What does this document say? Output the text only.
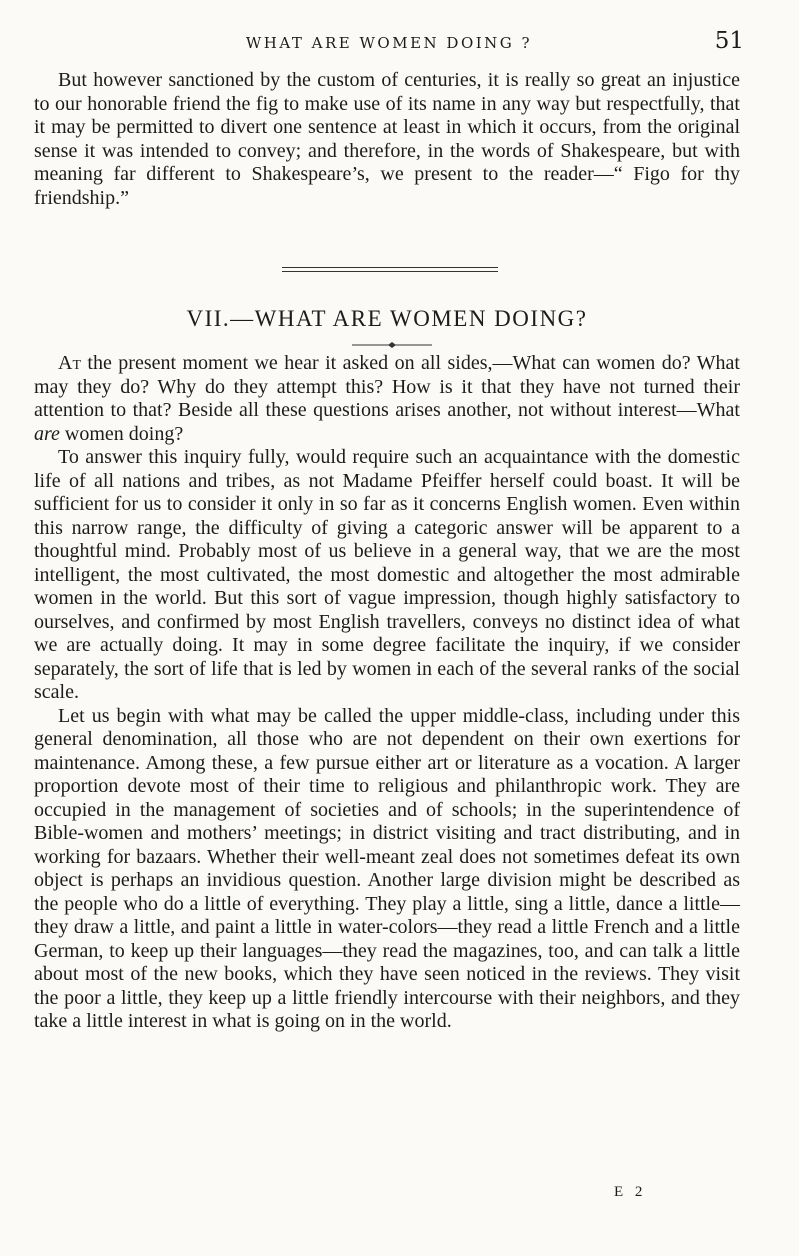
WHAT ARE WOMEN DOING ?	51

But however sanctioned by the custom of centuries, it is really so great an injustice to our honorable friend the fig to make use of its name in any way but respectfully, that it may be permitted to divert one sentence at least in which it occurs, from the original sense it was intended to convey; and therefore, in the words of Shakespeare, but with meaning far different to Shakespeare’s, we present to the reader—“ Figo for thy friendship.”

VII.—WHAT ARE WOMEN DOING?

At the present moment we hear it asked on all sides,—What can women do? What may they do? Why do they attempt this? How is it that they have not turned their attention to that? Beside all these questions arises another, not without interest—What are women doing?

To answer this inquiry fully, would require such an acquaintance with the domestic life of all nations and tribes, as not Madame Pfeiffer herself could boast. It will be sufficient for us to consider it only in so far as it concerns English women. Even within this narrow range, the difficulty of giving a categoric answer will be apparent to a thoughtful mind. Probably most of us believe in a general way, that we are the most intelligent, the most cultivated, the most domestic and altogether the most admirable women in the world. But this sort of vague impression, though highly satisfactory to ourselves, and confirmed by most English travellers, conveys no distinct idea of what we are actually doing. It may in some degree facilitate the inquiry, if we consider separately, the sort of life that is led by women in each of the several ranks of the social scale.

Let us begin with what may be called the upper middle-class, including under this general denomination, all those who are not dependent on their own exertions for maintenance. Among these, a few pursue either art or literature as a vocation. A larger proportion devote most of their time to religious and philanthropic work. They are occupied in the management of societies and of schools; in the superintendence of Bible-women and mothers’ meetings; in district visiting and tract distributing, and in working for bazaars. Whether their well-meant zeal does not sometimes defeat its own object is perhaps an invidious question. Another large division might be described as the people who do a little of everything. They play a little, sing a little, dance a little—they draw a little, and paint a little in water-colors—they read a little French and a little German, to keep up their languages—they read the magazines, too, and can talk a little about most of the new books, which they have seen noticed in the reviews. They visit the poor a little, they keep up a little friendly intercourse with their neighbors, and they take a little interest in what is going on in the world.

E 2
